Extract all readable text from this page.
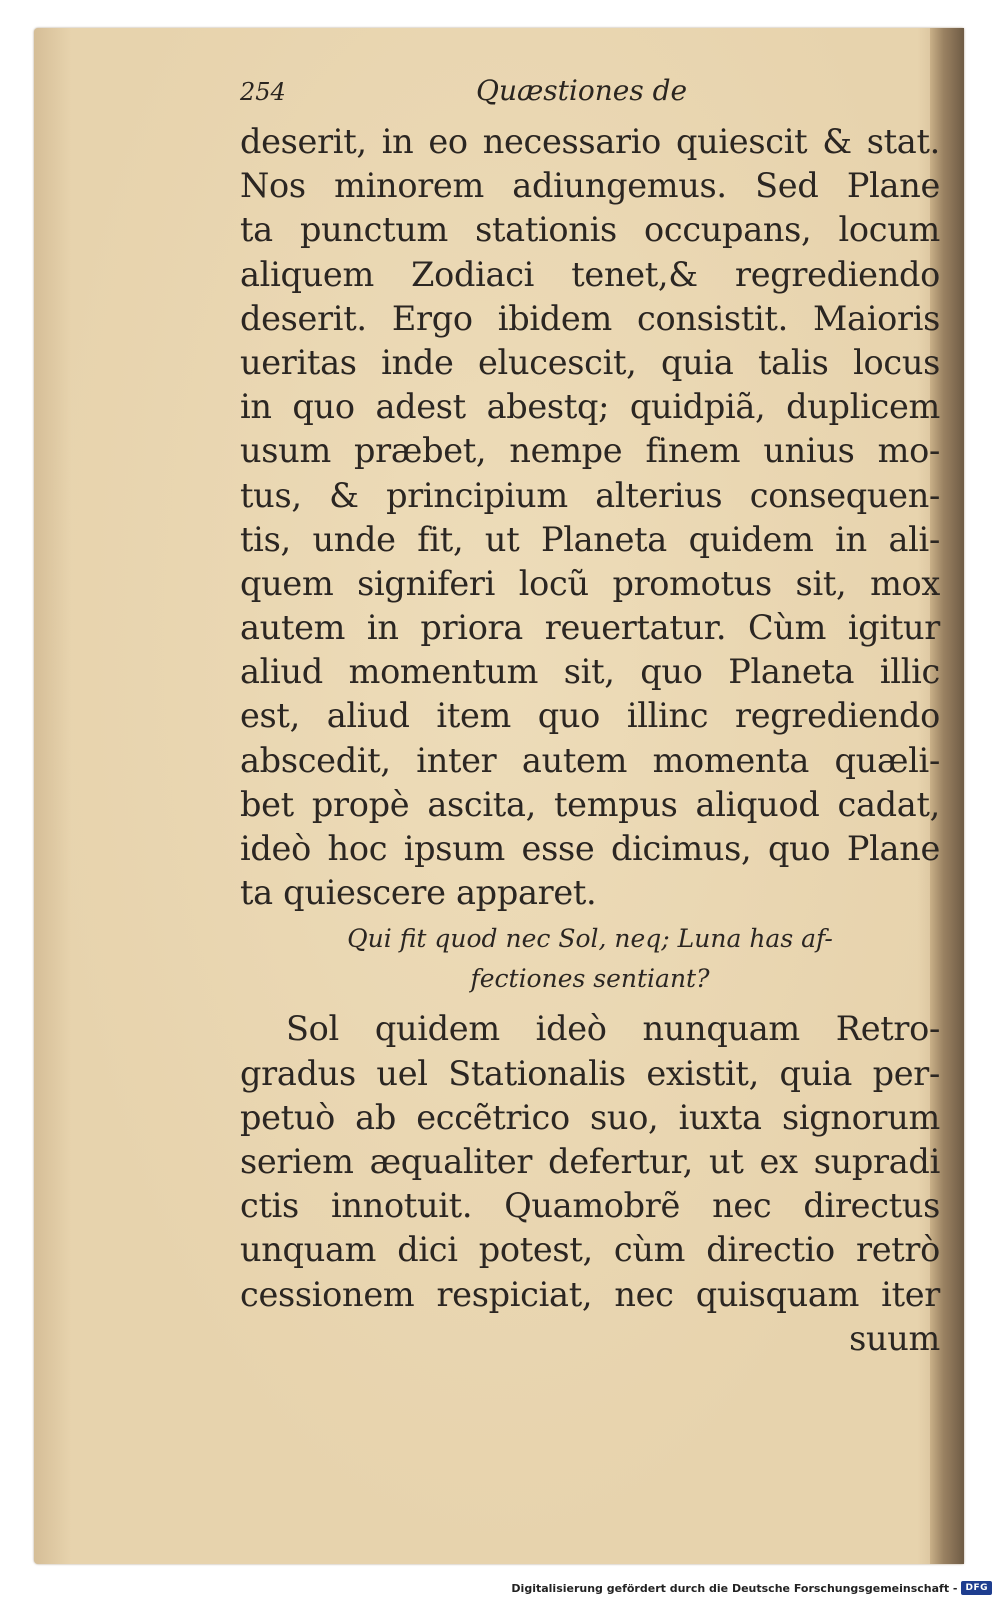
254	Quæstiones de
deserit, in eo necessario quiescit & stat.
Nos minorem adiungemus. Sed Plane
ta punctum stationis occupans, locum
aliquem Zodiaci tenet,& regrediendo
deserit. Ergo ibidem consistit. Maioris
ueritas inde elucescit, quia talis locus
in quo adest abestq; quidpiã, duplicem
usum præbet, nempe finem unius mo-
tus, & principium alterius consequen-
tis, unde fit, ut Planeta quidem in ali-
quem signiferi locũ promotus sit, mox
autem in priora reuertatur. Cùm igitur
aliud momentum sit, quo Planeta illic
est, aliud item quo illinc regrediendo
abscedit, inter autem momenta quæli-
bet propè ascita, tempus aliquod cadat,
ideò hoc ipsum esse dicimus, quo Plane
ta quiescere apparet.
Qui fit quod nec Sol, neq; Luna has af-
fectiones sentiant?
Sol quidem ideò nunquam Retro-
gradus uel Stationalis existit, quia per-
petuò ab eccẽtrico suo, iuxta signorum
seriem æqualiter defertur, ut ex supradi
ctis innotuit. Quamobrẽ nec directus
unquam dici potest, cùm directio retrò
cessionem respiciat, nec quisquam iter
suum
Digitalisierung gefördert durch die Deutsche Forschungsgemeinschaft - DFG
